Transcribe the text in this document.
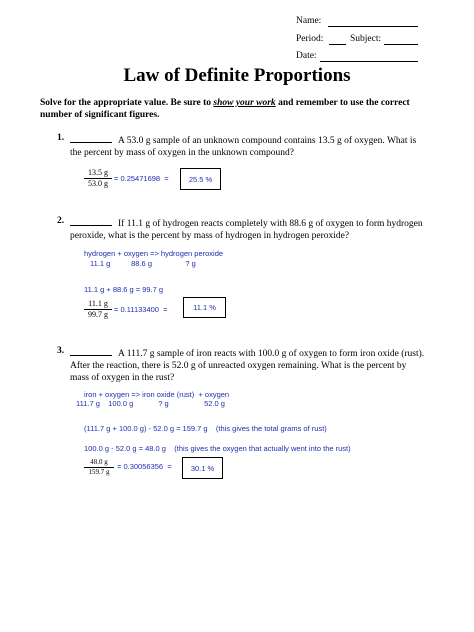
Name:
Period:	Subject:
Date:
Law of Definite Proportions
Solve for the appropriate value. Be sure to show your work and remember to use the correct
number of significant figures.
1.	A 53.0 g sample of an unknown compound contains 13.5 g of oxygen. What is
the percent by mass of oxygen in the unknown compound?
$\frac{13.5 g}{53.0 g} = 0.25471698$  =	25.5 %
2.	If 11.1 g of hydrogen reacts completely with 88.6 g of oxygen to form hydrogen
peroxide, what is the percent by mass of hydrogen in hydrogen peroxide?
hydrogen + oxygen => hydrogen peroxide
11.1 g          88.6 g                ? g
11.1 g + 88.6 g = 99.7 g
$\frac{11.1 g}{99.7 g} = 0.11133400$  =	11.1 %
3.	A 111.7 g sample of iron reacts with 100.0 g of oxygen to form iron oxide (rust).
After the reaction, there is 52.0 g of unreacted oxygen remaining. What is the percent by
mass of oxygen in the rust?
iron + oxygen => iron oxide (rust)  + oxygen
111.7 g    100.0 g            ? g                 52.0 g
(111.7 g + 100.0 g) - 52.0 g = 159.7 g    (this gives the total grams of rust)
100.0 g - 52.0 g = 48.0 g    (this gives the oxygen that actually went into the rust)
$\frac{48.0 g}{159.7 g} = 0.30056356$  =	30.1 %
